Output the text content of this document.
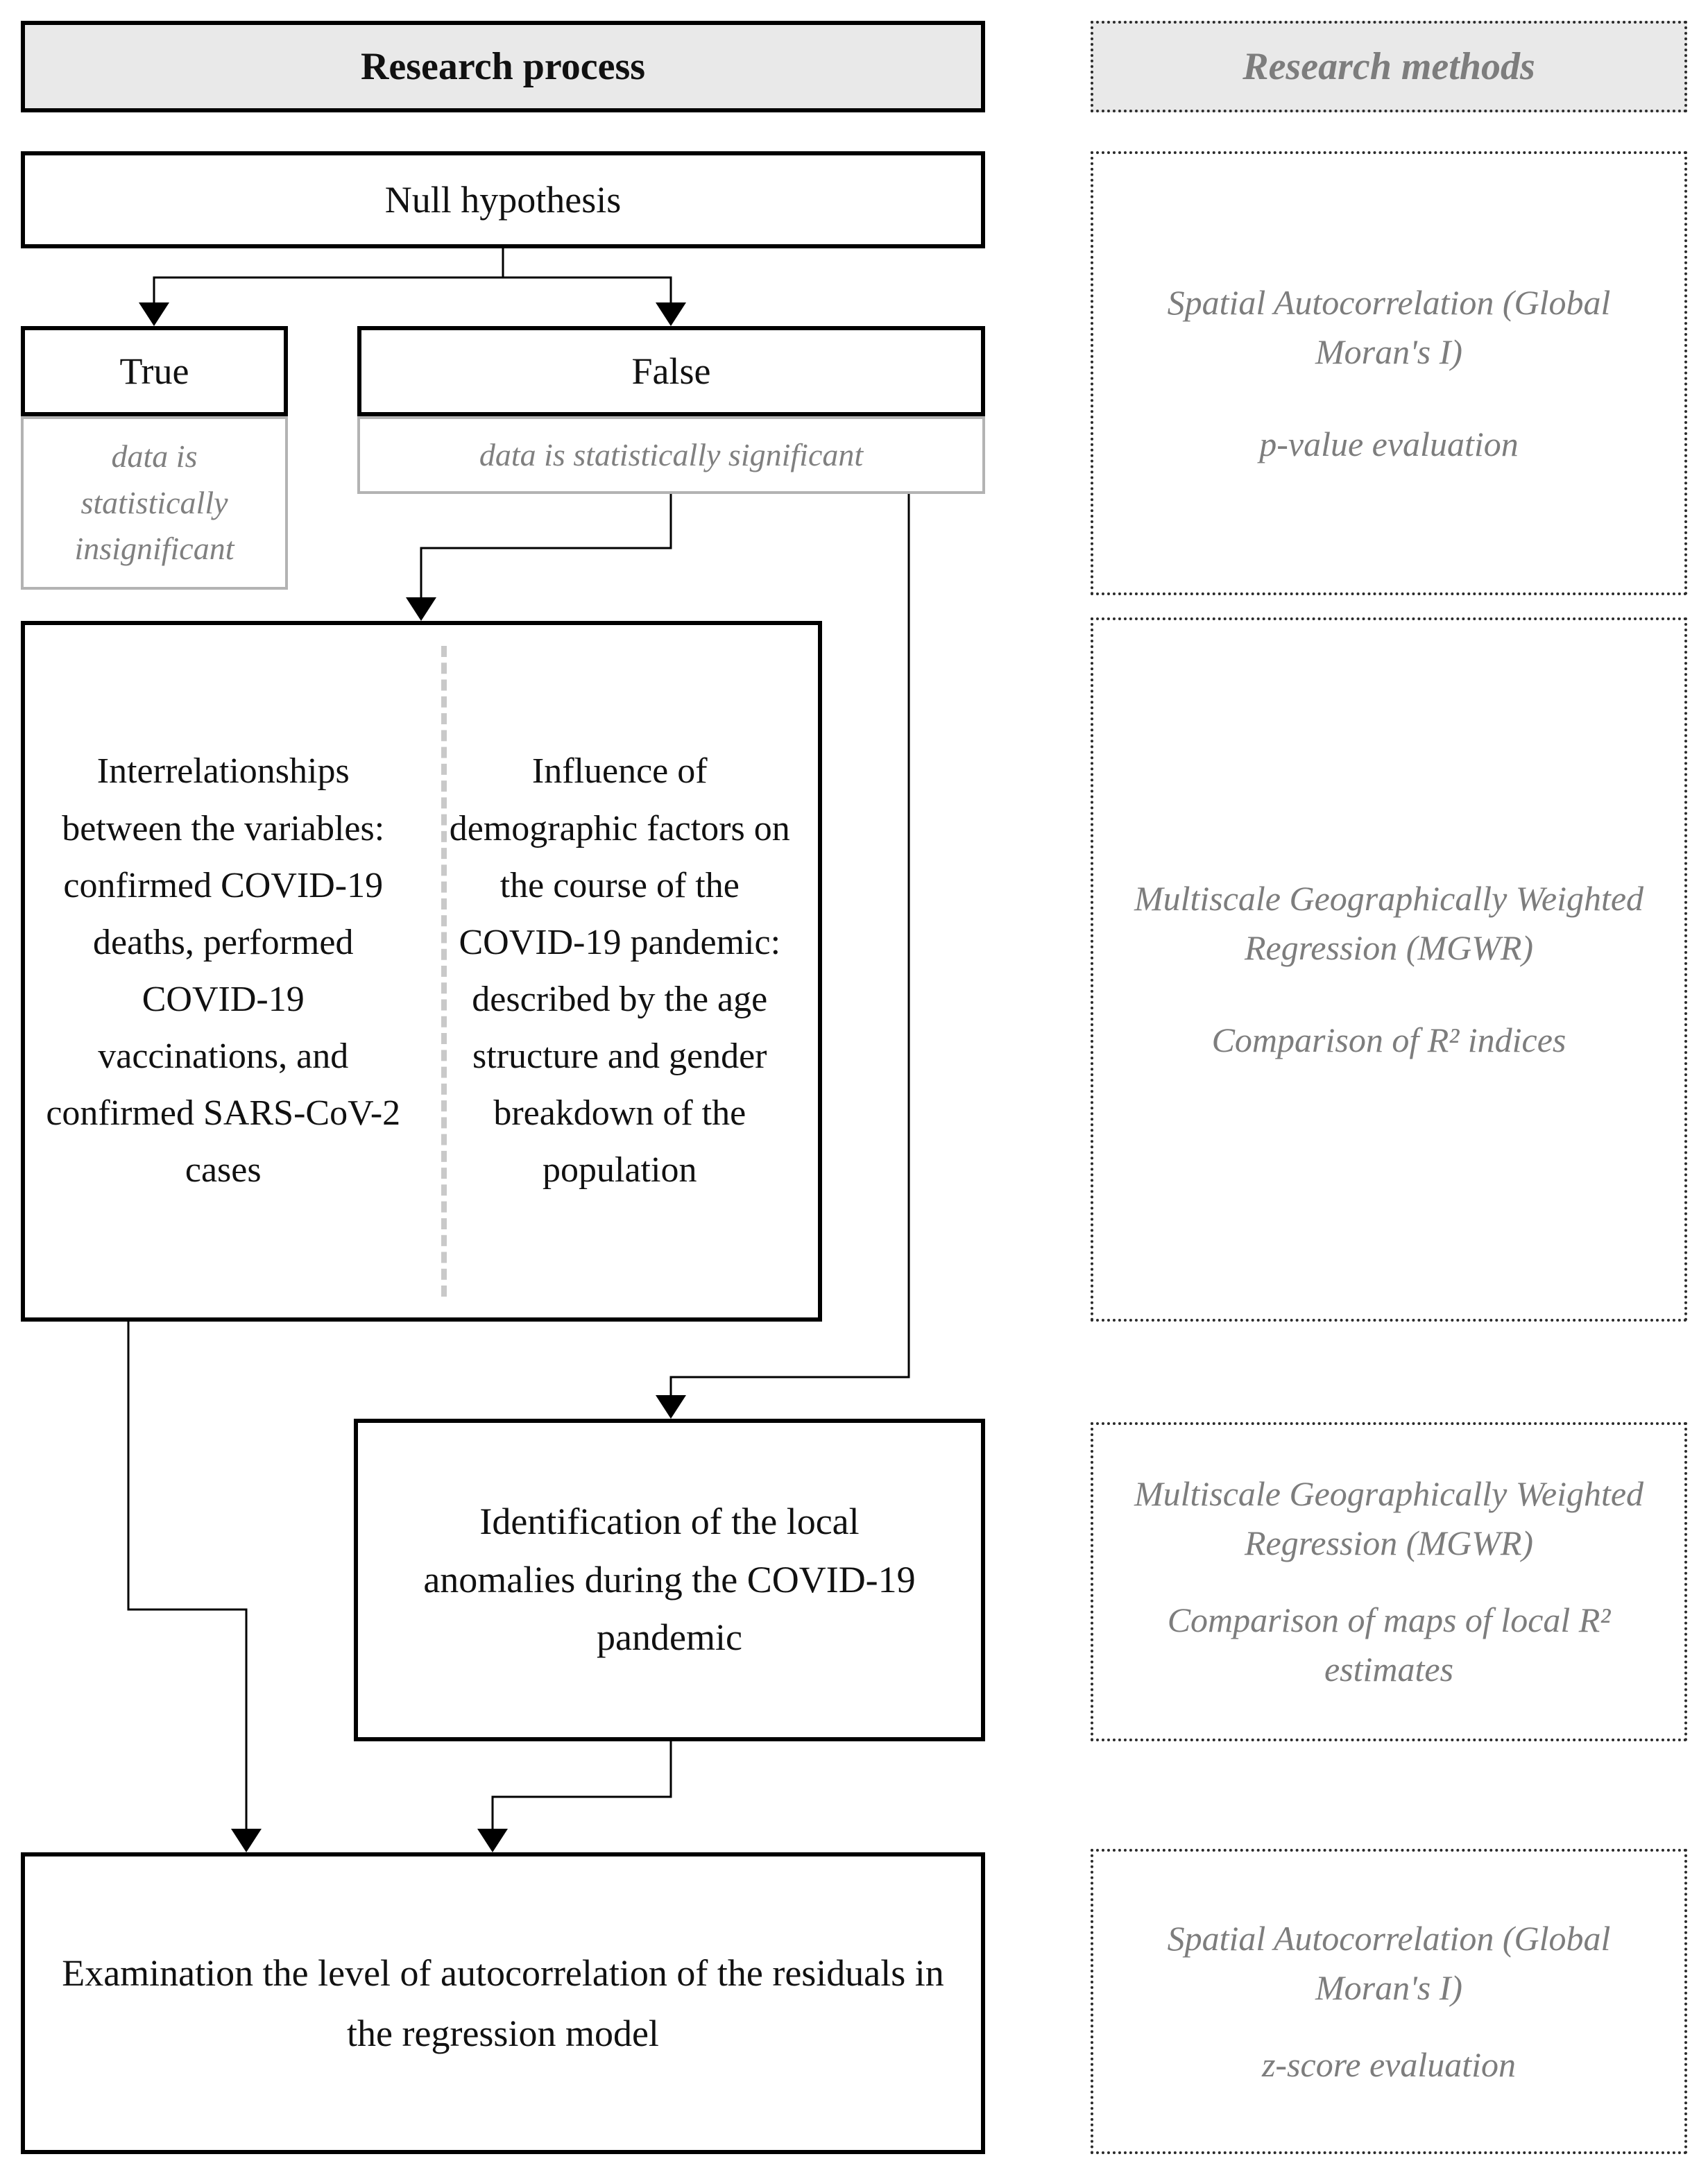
Research process
Null hypothesis
True
data is statistically insignificant
False
data is statistically significant
Interrelationships between the variables: confirmed COVID-19 deaths, performed COVID-19 vaccinations, and confirmed SARS-CoV-2 cases
Influence of demographic factors on the course of the COVID-19 pandemic: described by the age structure and gender breakdown of the population
Identification of the local anomalies during the COVID-19 pandemic
Examination the level of autocorrelation of the residuals in the regression model
Research methods
Spatial Autocorrelation (Global Moran's I)
p-value evaluation
Multiscale Geographically Weighted Regression (MGWR)
Comparison of R² indices
Multiscale Geographically Weighted Regression (MGWR)
Comparison of maps of local R² estimates
Spatial Autocorrelation (Global Moran's I)
z-score evaluation
